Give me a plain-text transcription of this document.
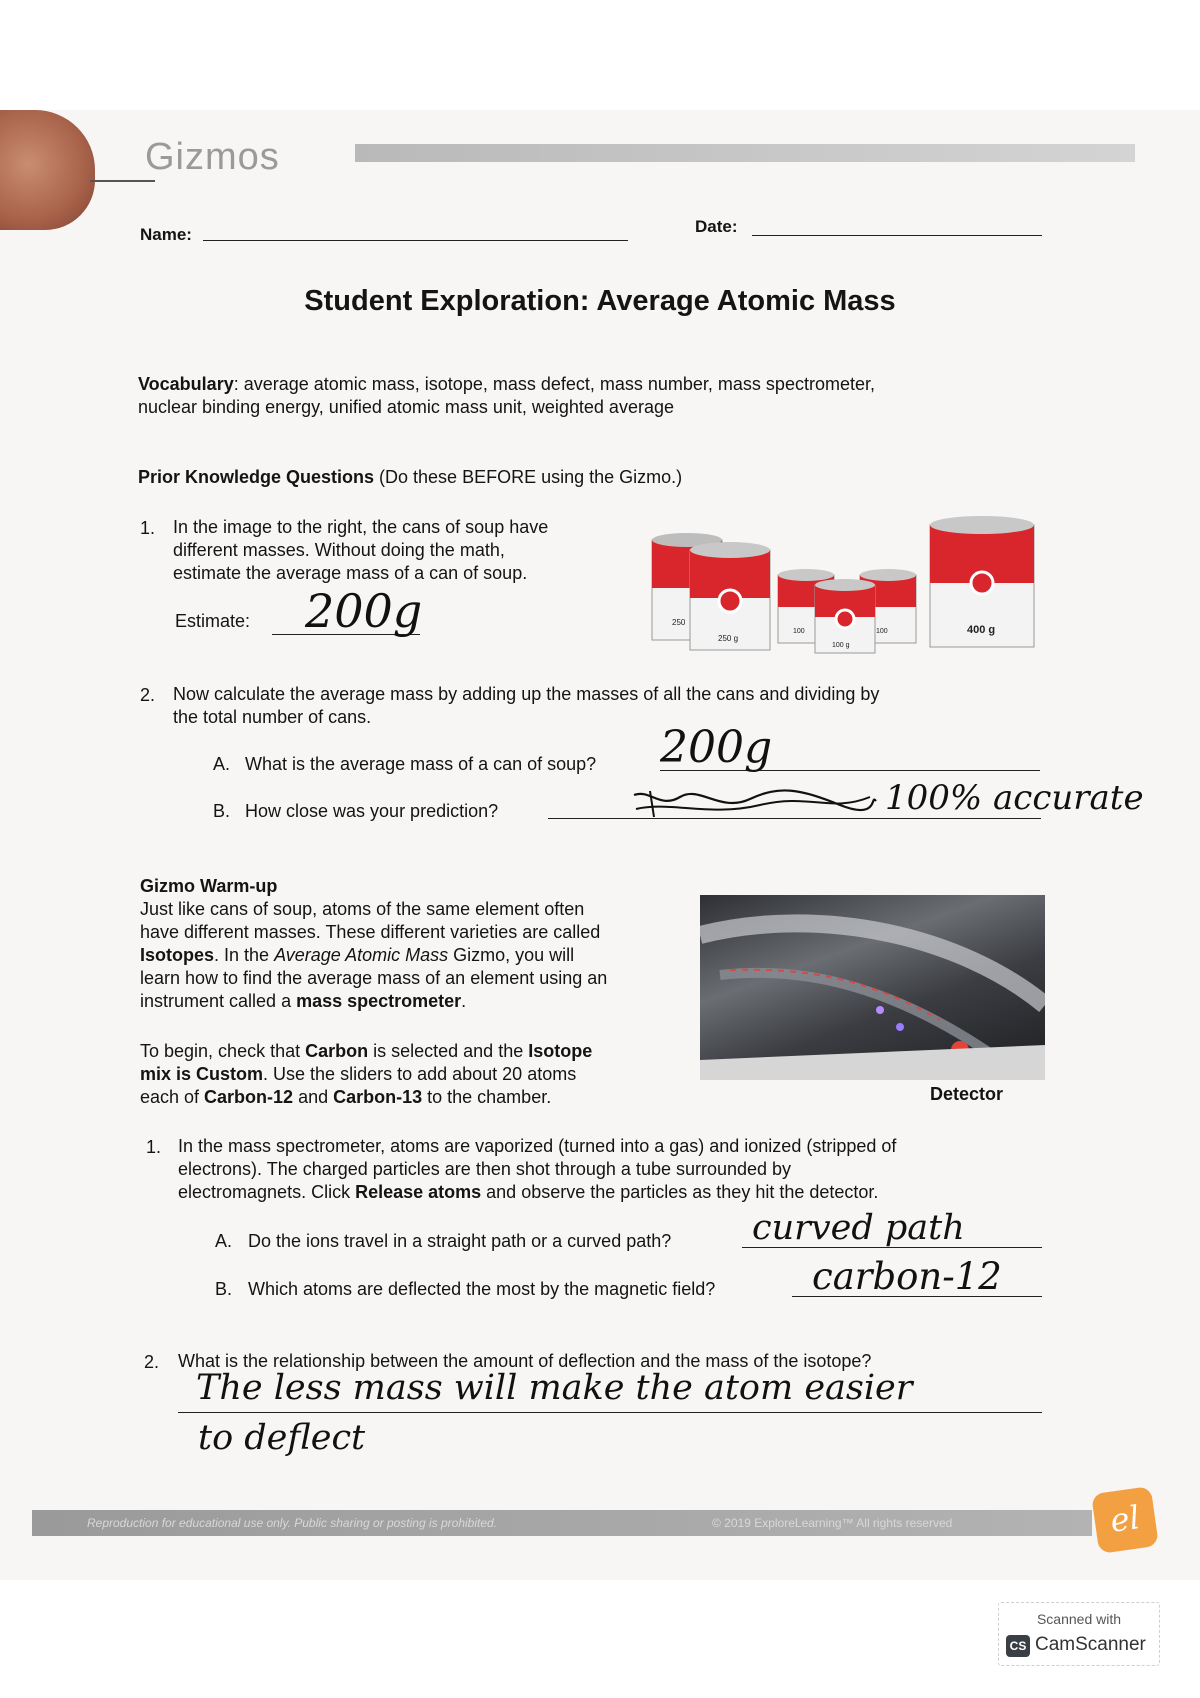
Gizmos
Name:	Date:
Student Exploration: Average Atomic Mass
Vocabulary: average atomic mass, isotope, mass defect, mass number, mass spectrometer,
nuclear binding energy, unified atomic mass unit, weighted average
Prior Knowledge Questions (Do these BEFORE using the Gizmo.)
1. In the image to the right, the cans of soup have
different masses. Without doing the math,
estimate the average mass of a can of soup.
Estimate: 200g	250
250 g
100	100
100 g
400 g
2. Now calculate the average mass by adding up the masses of all the cans and dividing by
the total number of cans.
A. What is the average mass of a can of soup? 200g
B. How close was your prediction?	100% accurate
Gizmo Warm-up
Just like cans of soup, atoms of the same element often
have different masses. These different varieties are called
Isotopes. In the Average Atomic Mass Gizmo, you will
learn how to find the average mass of an element using an
instrument called a mass spectrometer.
To begin, check that Carbon is selected and the Isotope
mix is Custom. Use the sliders to add about 20 atoms
each of Carbon-12 and Carbon-13 to the chamber.	Detector
1. In the mass spectrometer, atoms are vaporized (turned into a gas) and ionized (stripped of
electrons). The charged particles are then shot through a tube surrounded by
electromagnets. Click Release atoms and observe the particles as they hit the detector.
A. Do the ions travel in a straight path or a curved path? curved path
B. Which atoms are deflected the most by the magnetic field?	carbon-12
2. What is the relationship between the amount of deflection and the mass of the isotope?
The less mass will make the atom easier
to deflect
Reproduction for educational use only. Public sharing or posting is prohibited.	© 2019 ExploreLearning™ All rights reserved	el
Scanned with
CS CamScanner
